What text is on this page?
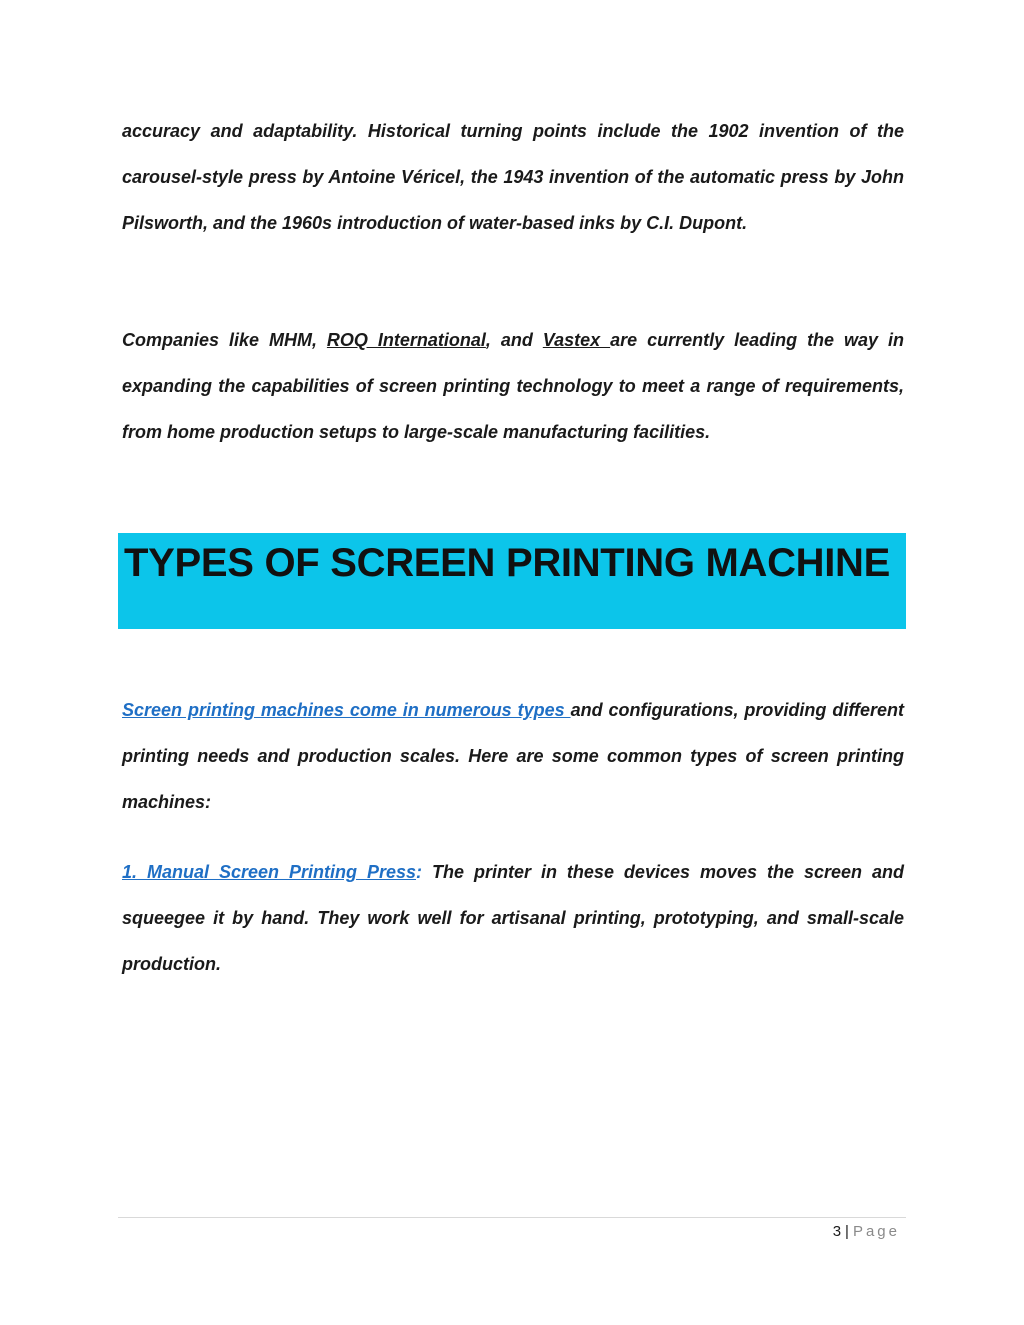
accuracy and adaptability. Historical turning points include the 1902 invention of the carousel-style press by Antoine Véricel, the 1943 invention of the automatic press by John Pilsworth, and the 1960s introduction of water-based inks by C.I. Dupont.

Companies like MHM, ROQ International, and Vastex are currently leading the way in expanding the capabilities of screen printing technology to meet a range of requirements, from home production setups to large-scale manufacturing facilities.

TYPES OF SCREEN PRINTING MACHINE

Screen printing machines come in numerous types and configurations, providing different printing needs and production scales. Here are some common types of screen printing machines:

1. Manual Screen Printing Press: The printer in these devices moves the screen and squeegee it by hand. They work well for artisanal printing, prototyping, and small-scale production.

3 | Page
